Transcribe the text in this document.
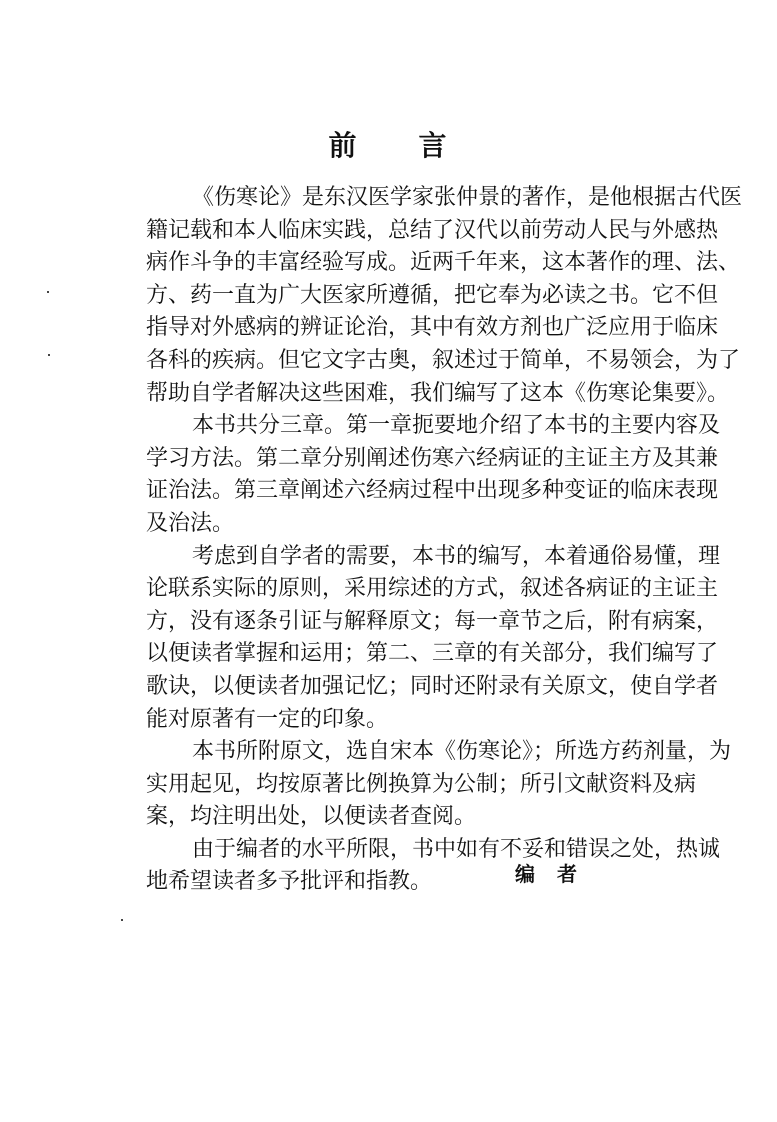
前 言
《伤寒论》是东汉医学家张仲景的著作，是他根据古代医
籍记载和本人临床实践，总结了汉代以前劳动人民与外感热
病作斗争的丰富经验写成。近两千年来，这本著作的理、法、
方、药一直为广大医家所遵循，把它奉为必读之书。它不但
指导对外感病的辨证论治，其中有效方剂也广泛应用于临床
各科的疾病。但它文字古奥，叙述过于简单，不易领会，为了
帮助自学者解决这些困难，我们编写了这本《伤寒论集要》。
本书共分三章。第一章扼要地介绍了本书的主要内容及
学习方法。第二章分别阐述伤寒六经病证的主证主方及其兼
证治法。第三章阐述六经病过程中出现多种变证的临床表现
及治法。
考虑到自学者的需要，本书的编写，本着通俗易懂，理
论联系实际的原则，采用综述的方式，叙述各病证的主证主
方，没有逐条引证与解释原文；每一章节之后，附有病案，
以便读者掌握和运用；第二、三章的有关部分，我们编写了
歌诀，以便读者加强记忆；同时还附录有关原文，使自学者
能对原著有一定的印象。
本书所附原文，选自宋本《伤寒论》；所选方药剂量，为
实用起见，均按原著比例换算为公制；所引文献资料及病
案，均注明出处，以便读者查阅。
由于编者的水平所限，书中如有不妥和错误之处，热诚
地希望读者多予批评和指教。	编 者
